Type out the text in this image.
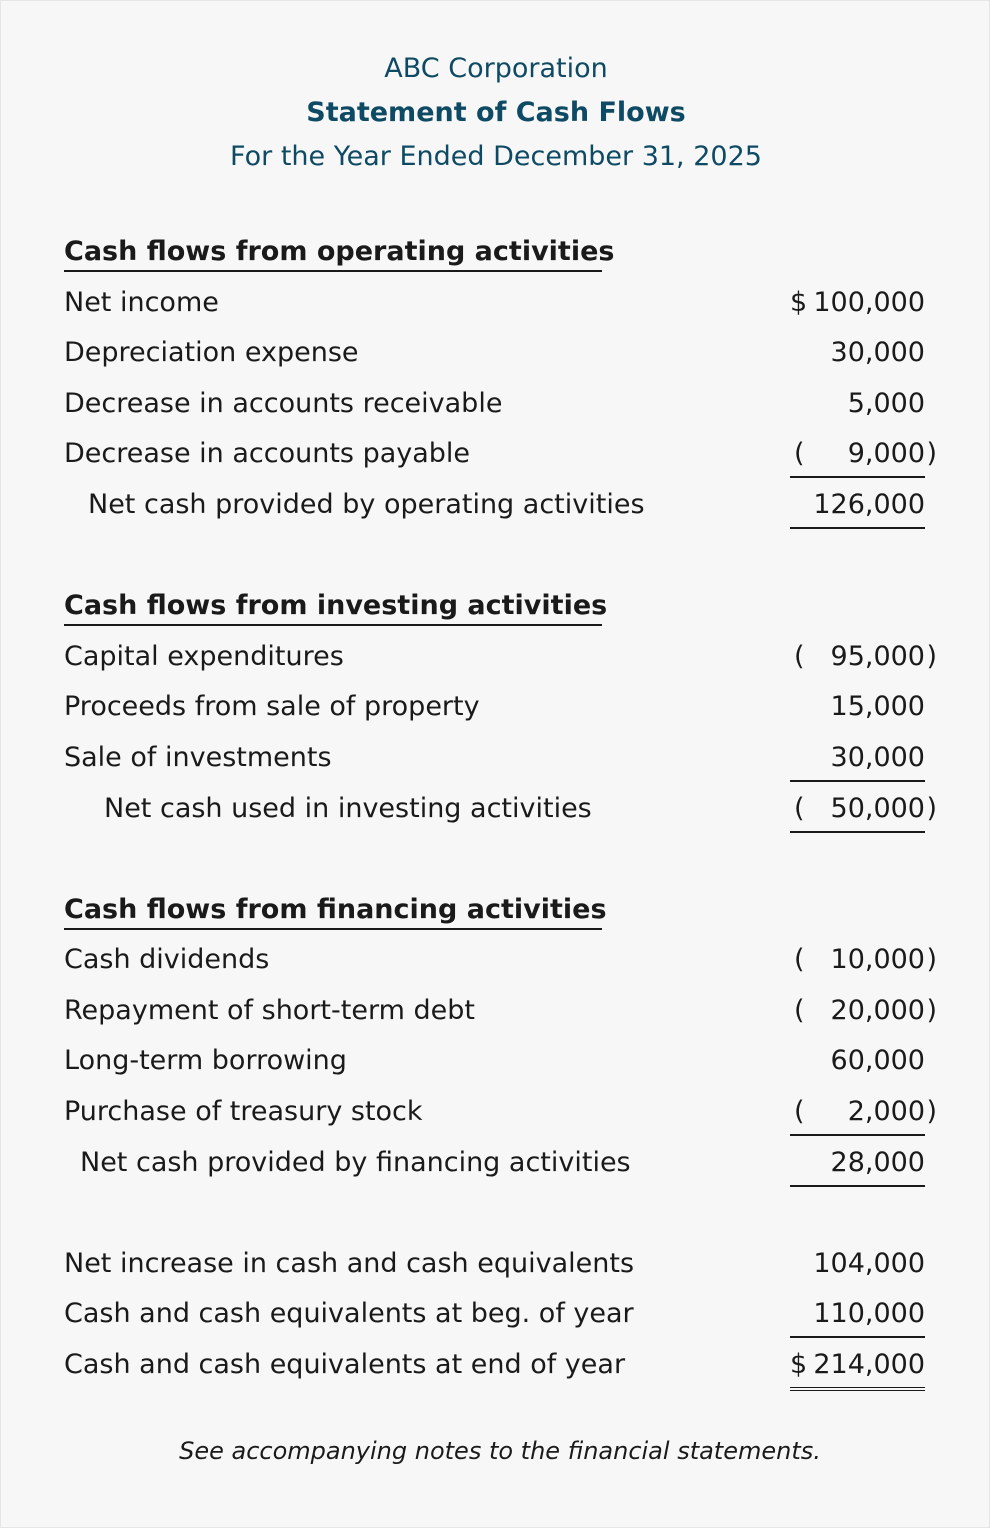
ABC Corporation
Statement of Cash Flows
For the Year Ended December 31, 2025
Cash flows from operating activities
Net income	$ 100,000
Depreciation expense	30,000
Decrease in accounts receivable	5,000
Decrease in accounts payable	( 9,000 )
Net cash provided by operating activities	126,000
Cash flows from investing activities
Capital expenditures	( 95,000 )
Proceeds from sale of property	15,000
Sale of investments	30,000
Net cash used in investing activities	( 50,000 )
Cash flows from financing activities
Cash dividends	( 10,000 )
Repayment of short-term debt	( 20,000 )
Long-term borrowing	60,000
Purchase of treasury stock	( 2,000 )
Net cash provided by financing activities	28,000
Net increase in cash and cash equivalents	104,000
Cash and cash equivalents at beg. of year	110,000
Cash and cash equivalents at end of year	$ 214,000
See accompanying notes to the financial statements.
